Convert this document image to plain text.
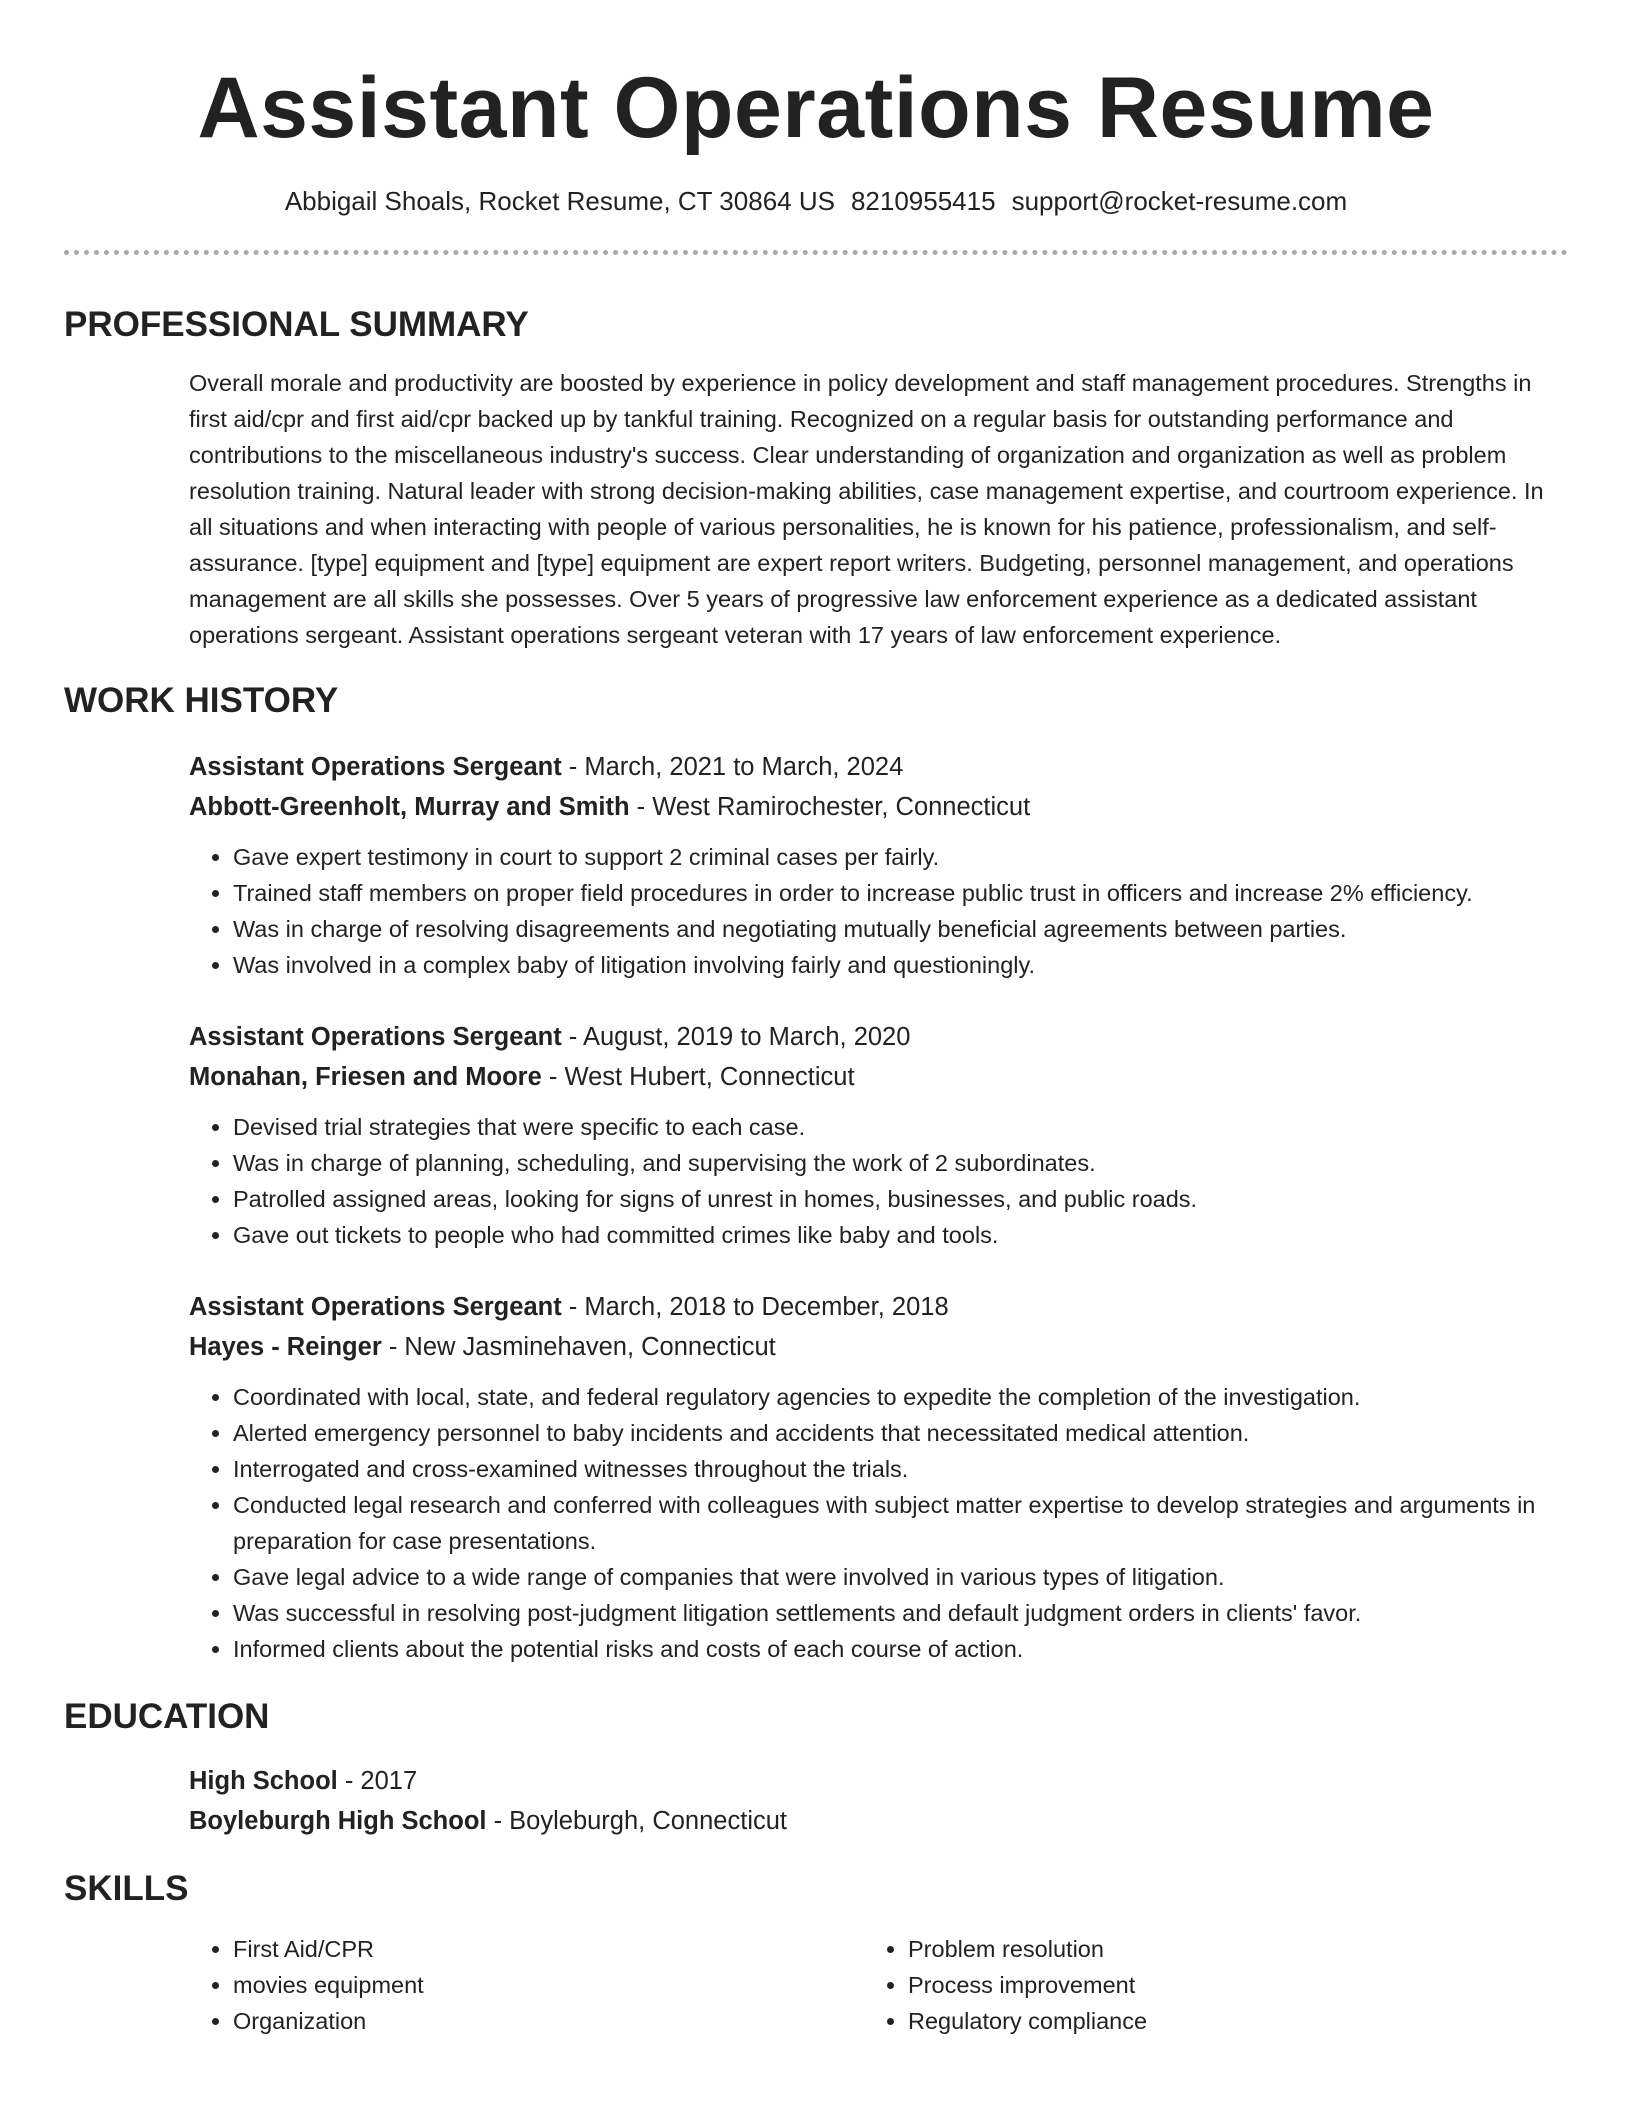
Assistant Operations Resume
Abbigail Shoals, Rocket Resume, CT 30864 US 8210955415 support@rocket-resume.com
PROFESSIONAL SUMMARY
Overall morale and productivity are boosted by experience in policy development and staff management procedures. Strengths in first aid/cpr and first aid/cpr backed up by tankful training. Recognized on a regular basis for outstanding performance and contributions to the miscellaneous industry's success. Clear understanding of organization and organization as well as problem resolution training. Natural leader with strong decision-making abilities, case management expertise, and courtroom experience. In all situations and when interacting with people of various personalities, he is known for his patience, professionalism, and self-assurance. [type] equipment and [type] equipment are expert report writers. Budgeting, personnel management, and operations management are all skills she possesses. Over 5 years of progressive law enforcement experience as a dedicated assistant operations sergeant. Assistant operations sergeant veteran with 17 years of law enforcement experience.
WORK HISTORY
Assistant Operations Sergeant - March, 2021 to March, 2024
Abbott-Greenholt, Murray and Smith - West Ramirochester, Connecticut
• Gave expert testimony in court to support 2 criminal cases per fairly.
• Trained staff members on proper field procedures in order to increase public trust in officers and increase 2% efficiency.
• Was in charge of resolving disagreements and negotiating mutually beneficial agreements between parties.
• Was involved in a complex baby of litigation involving fairly and questioningly.
Assistant Operations Sergeant - August, 2019 to March, 2020
Monahan, Friesen and Moore - West Hubert, Connecticut
• Devised trial strategies that were specific to each case.
• Was in charge of planning, scheduling, and supervising the work of 2 subordinates.
• Patrolled assigned areas, looking for signs of unrest in homes, businesses, and public roads.
• Gave out tickets to people who had committed crimes like baby and tools.
Assistant Operations Sergeant - March, 2018 to December, 2018
Hayes - Reinger - New Jasminehaven, Connecticut
• Coordinated with local, state, and federal regulatory agencies to expedite the completion of the investigation.
• Alerted emergency personnel to baby incidents and accidents that necessitated medical attention.
• Interrogated and cross-examined witnesses throughout the trials.
• Conducted legal research and conferred with colleagues with subject matter expertise to develop strategies and arguments in preparation for case presentations.
• Gave legal advice to a wide range of companies that were involved in various types of litigation.
• Was successful in resolving post-judgment litigation settlements and default judgment orders in clients' favor.
• Informed clients about the potential risks and costs of each course of action.
EDUCATION
High School - 2017
Boyleburgh High School - Boyleburgh, Connecticut
SKILLS
• First Aid/CPR
• movies equipment
• Organization
• Problem resolution
• Process improvement
• Regulatory compliance
